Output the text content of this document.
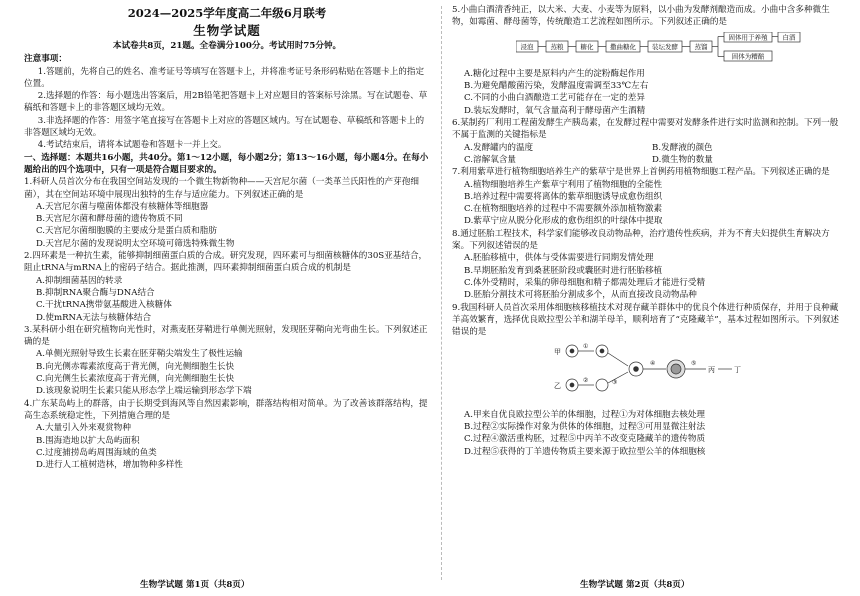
2024—2025学年度高二年级6月联考
生物学试题
本试卷共8页，21题。全卷满分100分。考试用时75分钟。
注意事项：
1.答题前，先将自己的姓名、准考证号等填写在答题卡上，并将准考证号条形码粘贴在答题卡上的指定位置。
2.选择题的作答：每小题选出答案后，用2B铅笔把答题卡上对应题目的答案标号涂黑。写在试题卷、草稿纸和答题卡上的非答题区域均无效。
3.非选择题的作答：用签字笔直接写在答题卡上对应的答题区域内。写在试题卷、草稿纸和答题卡上的非答题区域均无效。
4.考试结束后，请将本试题卷和答题卡一并上交。
一、选择题：本题共16小题，共40分。第1～12小题，每小题2分；第13～16小题，每小题4分。在每小题给出的四个选项中，只有一项是符合题目要求的。
1.科研人员首次分布在我国空间站发现的一个微生物新物种——天宫尼尔菌（一类革兰氏阳性的产芽孢细菌），其在空间站环境中展现出独特的生存与适应能力。下列叙述正确的是
A.天宫尼尔菌与噬菌体都没有核糖体等细胞器
B.天宫尼尔菌和酵母菌的遗传物质不同
C.天宫尼尔菌细胞膜的主要成分是蛋白质和脂肪
D.天宫尼尔菌的发现说明太空环境可筛选特殊微生物
2.四环素是一种抗生素，能够抑制细菌蛋白质的合成。研究发现，四环素可与细菌核糖体的30S亚基结合，阻止tRNA与mRNA上的密码子结合。据此推测，四环素抑制细菌蛋白质合成的机制是
A.抑制细菌基因的转录
B.抑制RNA聚合酶与DNA结合
C.干扰tRNA携带氨基酸进入核糖体
D.使mRNA无法与核糖体结合
3.某科研小组在研究植物向光性时，对燕麦胚芽鞘进行单侧光照射，发现胚芽鞘向光弯曲生长。下列叙述正确的是
A.单侧光照射导致生长素在胚芽鞘尖端发生了极性运输
B.向光侧赤霉素浓度高于背光侧，向光侧细胞生长快
C.向光侧生长素浓度高于背光侧，向光侧细胞生长快
D.该现象说明生长素只能从形态学上端运输到形态学下端
4.广东某岛屿上的群落，由于长期受到海风等自然因素影响，群落结构相对简单。为了改善该群落结构，提高生态系统稳定性，下列措施合理的是
A.大量引入外来观赏物种
B.围海造地以扩大岛屿面积
C.过度捕捞岛屿周围海域的鱼类
D.进行人工植树造林，增加物种多样性
生物学试题 第1页（共8页）
5.小曲白酒清香纯正，以大米、大麦、小麦等为原料，以小曲为发酵剂酿造而成。小曲中含多种微生物，如霉菌、酵母菌等，传统酿造工艺流程如图所示。下列叙述正确的是
浸泡	蒸粮	糖化	撒曲糖化 装坛发酵	蒸馏
固体用于养殖 白酒
固体为糟醅
A.糖化过程中主要是原料内产生的淀粉酶起作用
B.为避免醋酸菌污染，发酵温度需调至33℃左右
C.不同的小曲白酒酿造工艺可能存在一定的差异
D.装坛发酵时，氧气含量高利于酵母菌产生酒精
6.某制药厂利用工程菌发酵生产胰岛素，在发酵过程中需要对发酵条件进行实时监测和控制。下列一般不属于监测的关键指标是
A.发酵罐内的温度	B.发酵液的颜色
C.溶解氧含量	D.微生物的数量
7.利用紫草进行植物细胞培养生产的紫草宁是世界上首例药用植物细胞工程产品。下列叙述正确的是
A.植物细胞培养生产紫草宁利用了植物细胞的全能性
B.培养过程中需要将离体的紫草细胞诱导成愈伤组织
C.在植物细胞培养的过程中不需要额外添加植物激素
D.紫草宁应从脱分化形成的愈伤组织的叶绿体中提取
8.通过胚胎工程技术，科学家们能够改良动物品种，治疗遗传性疾病，并为不育夫妇提供生育解决方案。下列叙述错误的是
A.胚胎移植中，供体与受体需要进行同期发情处理
B.早期胚胎发育到桑葚胚阶段或囊胚时进行胚胎移植
C.体外受精时，采集的卵母细胞和精子都需处理后才能进行受精
D.胚胎分割技术可将胚胎分割成多个，从而直接改良动物品种
9.我国科研人员首次采用体细胞核移植技术对现存藏羊群体中的优良个体进行种质保存，并用于良种藏羊高效繁育，选择优良欧拉型公羊和湖羊母羊，顺利培育了“克隆藏羊”，基本过程如图所示。下列叙述错误的是
甲
①
乙
②	③
④	⑤
丙	丁
A.甲来自优良欧拉型公羊的体细胞，过程①为对体细胞去核处理
B.过程②实际操作对象为供体的体细胞，过程③可用显微注射法
C.过程④激活重构胚，过程⑤中丙羊不改变克隆藏羊的遗传物质
D.过程⑤获得的丁羊遗传物质主要来源于欧拉型公羊的体细胞核
生物学试题 第2页（共8页）
